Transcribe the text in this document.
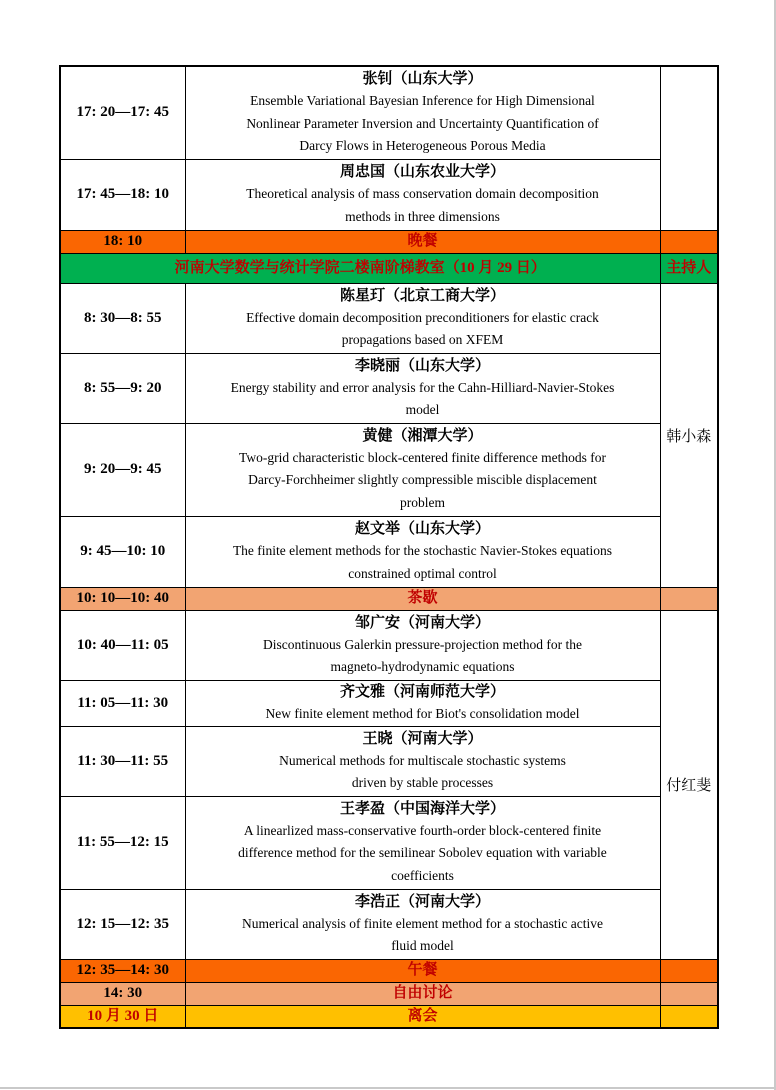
17: 20—17: 45	张钊（山东大学）
Ensemble Variational Bayesian Inference for High Dimensional
Nonlinear Parameter Inversion and Uncertainty Quantification of
Darcy Flows in Heterogeneous Porous Media	

17: 45—18: 10	周忠国（山东农业大学）
Theoretical analysis of mass conservation domain decomposition
methods in three dimensions	

18: 10	晚餐	
河南大学数学与统计学院二楼南阶梯教室（10 月 29 日）		主持人
8: 30—8: 55	陈星玎（北京工商大学）
Effective domain decomposition preconditioners for elastic crack
propagations based on XFEM	韩小森
8: 55—9: 20	李晓丽（山东大学）
Energy stability and error analysis for the Cahn-Hilliard-Navier-Stokes
model	

9: 20—9: 45	黄健（湘潭大学）
Two-grid characteristic block-centered finite difference methods for
Darcy-Forchheimer slightly compressible miscible displacement
problem	

9: 45—10: 10	赵文举（山东大学）
The finite element methods for the stochastic Navier-Stokes equations
constrained optimal control	

10: 10—10: 40	茶歇	
10: 40—11: 05	邹广安（河南大学）
Discontinuous Galerkin pressure-projection method for the
magneto-hydrodynamic equations	付红斐
11: 05—11: 30	齐文雅（河南师范大学）
New finite element method for Biot's consolidation model	

11: 30—11: 55	王晓（河南大学）
Numerical methods for multiscale stochastic systems
driven by stable processes	

11: 55—12: 15	王孝盈（中国海洋大学）
A linearlized mass-conservative fourth-order block-centered finite
difference method for the semilinear Sobolev equation with variable
coefficients	

12: 15—12: 35	李浩正（河南大学）
Numerical analysis of finite element method for a stochastic active
fluid model	

12: 35—14: 30	午餐	
14: 30	自由讨论	
10 月 30 日	离会	
